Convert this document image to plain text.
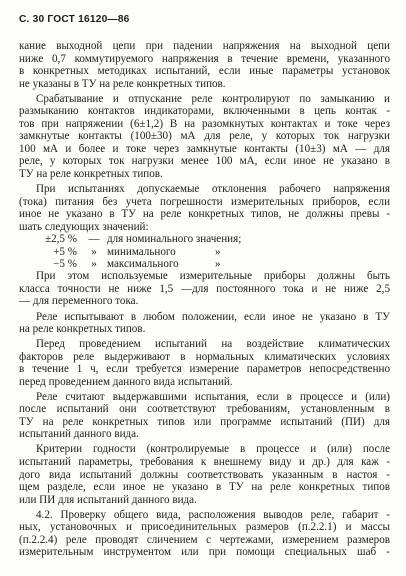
С. 30 ГОСТ 16120—86
кание выходной цепи при падении напряжения на выходной цепи
ниже 0,7 коммутируемого напряжения в течение времени, указанного
в конкретных методиках испытаний, если иные параметры установок
не указаны в ТУ на реле конкретных типов.
Срабатывание и отпускание реле контролируют по замыканию и
размыканию контактов индикаторами, включенными в цепь контак -
тов при напряжении (6±1,2) В на разомкнутых контактах и токе через
замкнутые контакты (100±30) мА для реле, у которых ток нагрузки
100 мА и более и токе через замкнутые контакты (10±3) мА — для
реле, у которых ток нагрузки менее 100 мА, если иное не указано в
ТУ на реле конкретных типов.
При испытаниях допускаемые отклонения рабочего напряжения
(тока) питания без учета погрешности измерительных приборов, если
иное не указано в ТУ на реле конкретных типов, не должны превы -
шать следующих значений:
±2,5 % — для номинального значения;
+5 % » минимального	»
−5 % » максимального	»
При этом используемые измерительные приборы должны быть
класса точности не ниже 1,5 —для постоянного тока и не ниже 2,5
— для переменного тока.
Реле испытывают в любом положении, если иное не указано в ТУ
на реле конкретных типов.
Перед проведением испытаний на воздействие климатических
факторов реле выдерживают в нормальных климатических условиях
в течение 1 ч, если требуется измерение параметров непосредственно
перед проведением данного вида испытаний.
Реле считают выдержавшими испытания, если в процессе и (или)
после испытаний они соответствуют требованиям, установленным в
ТУ на реле конкретных типов или программе испытаний (ПИ) для
испытаний данного вида.
Критерии годности (контролируемые в процессе и (или) после
испытаний параметры, требования к внешнему виду и др.) для каж -
дого вида испытаний должны соответствовать указанным в настоя -
щем разделе, если иное не указано в ТУ на реле конкретных типов
или ПИ для испытаний данного вида.
4.2. Проверку общего вида, расположения выводов реле, габарит -
ных, установочных и присоединительных размеров (п.2.2.1) и массы
(п.2.2.4) реле проводят сличением с чертежами, измерением размеров
измерительным инструментом или при помощи специальных шаб -
